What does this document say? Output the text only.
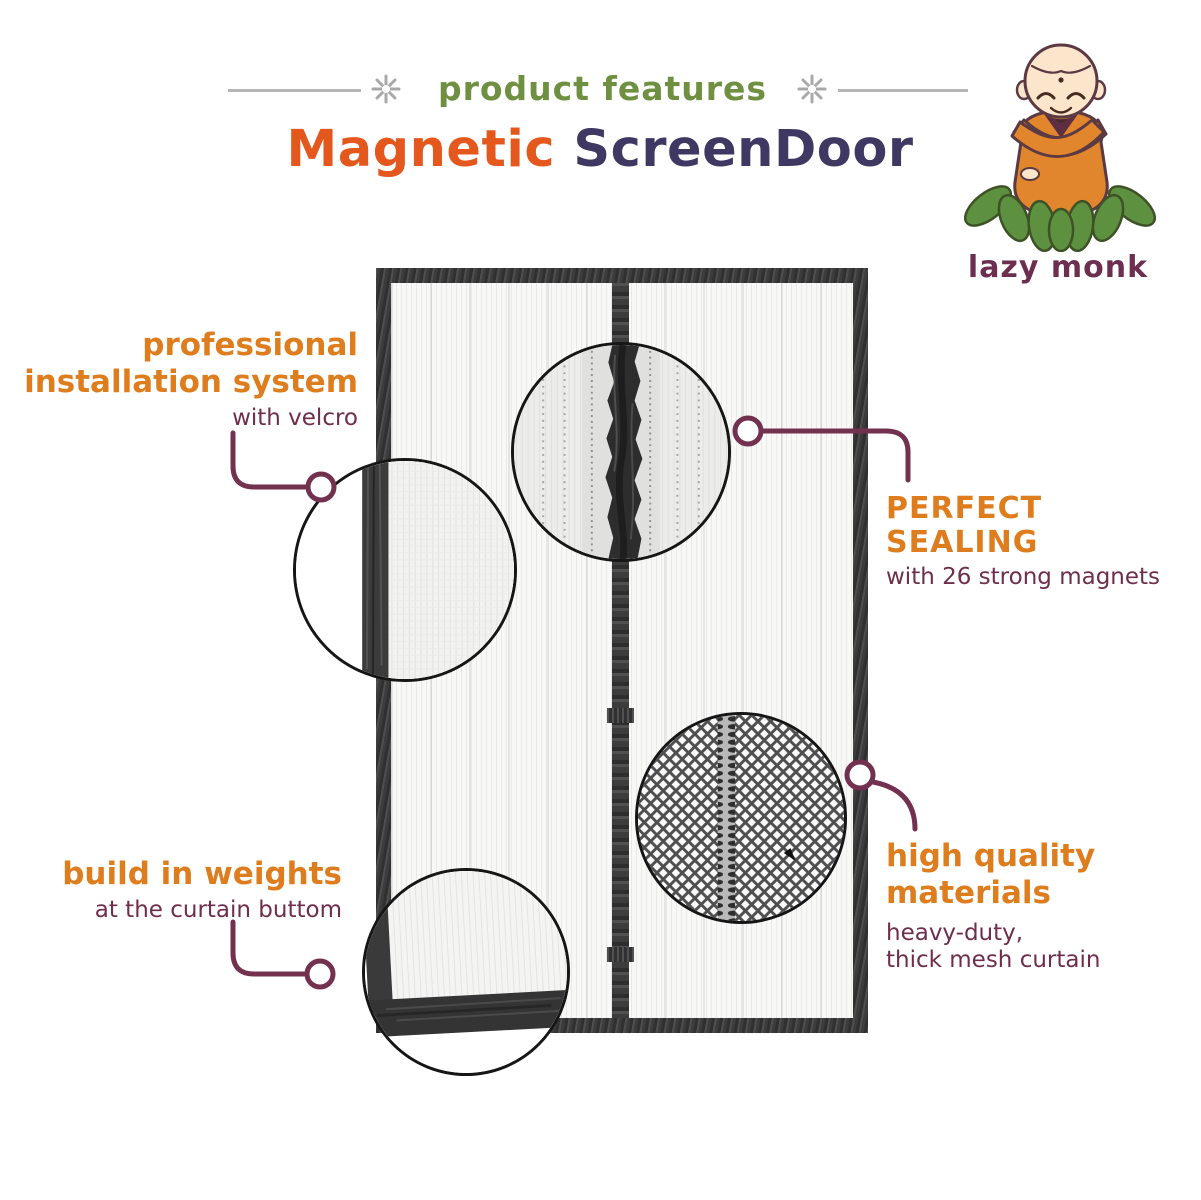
product features
Magnetic ScreenDoor
lazy monk
professional
installation system
with velcro
PERFECT SEALING
with 26 strong magnets
build in weights
at the curtain buttom
high quality
materials
heavy-duty,
thick mesh curtain
